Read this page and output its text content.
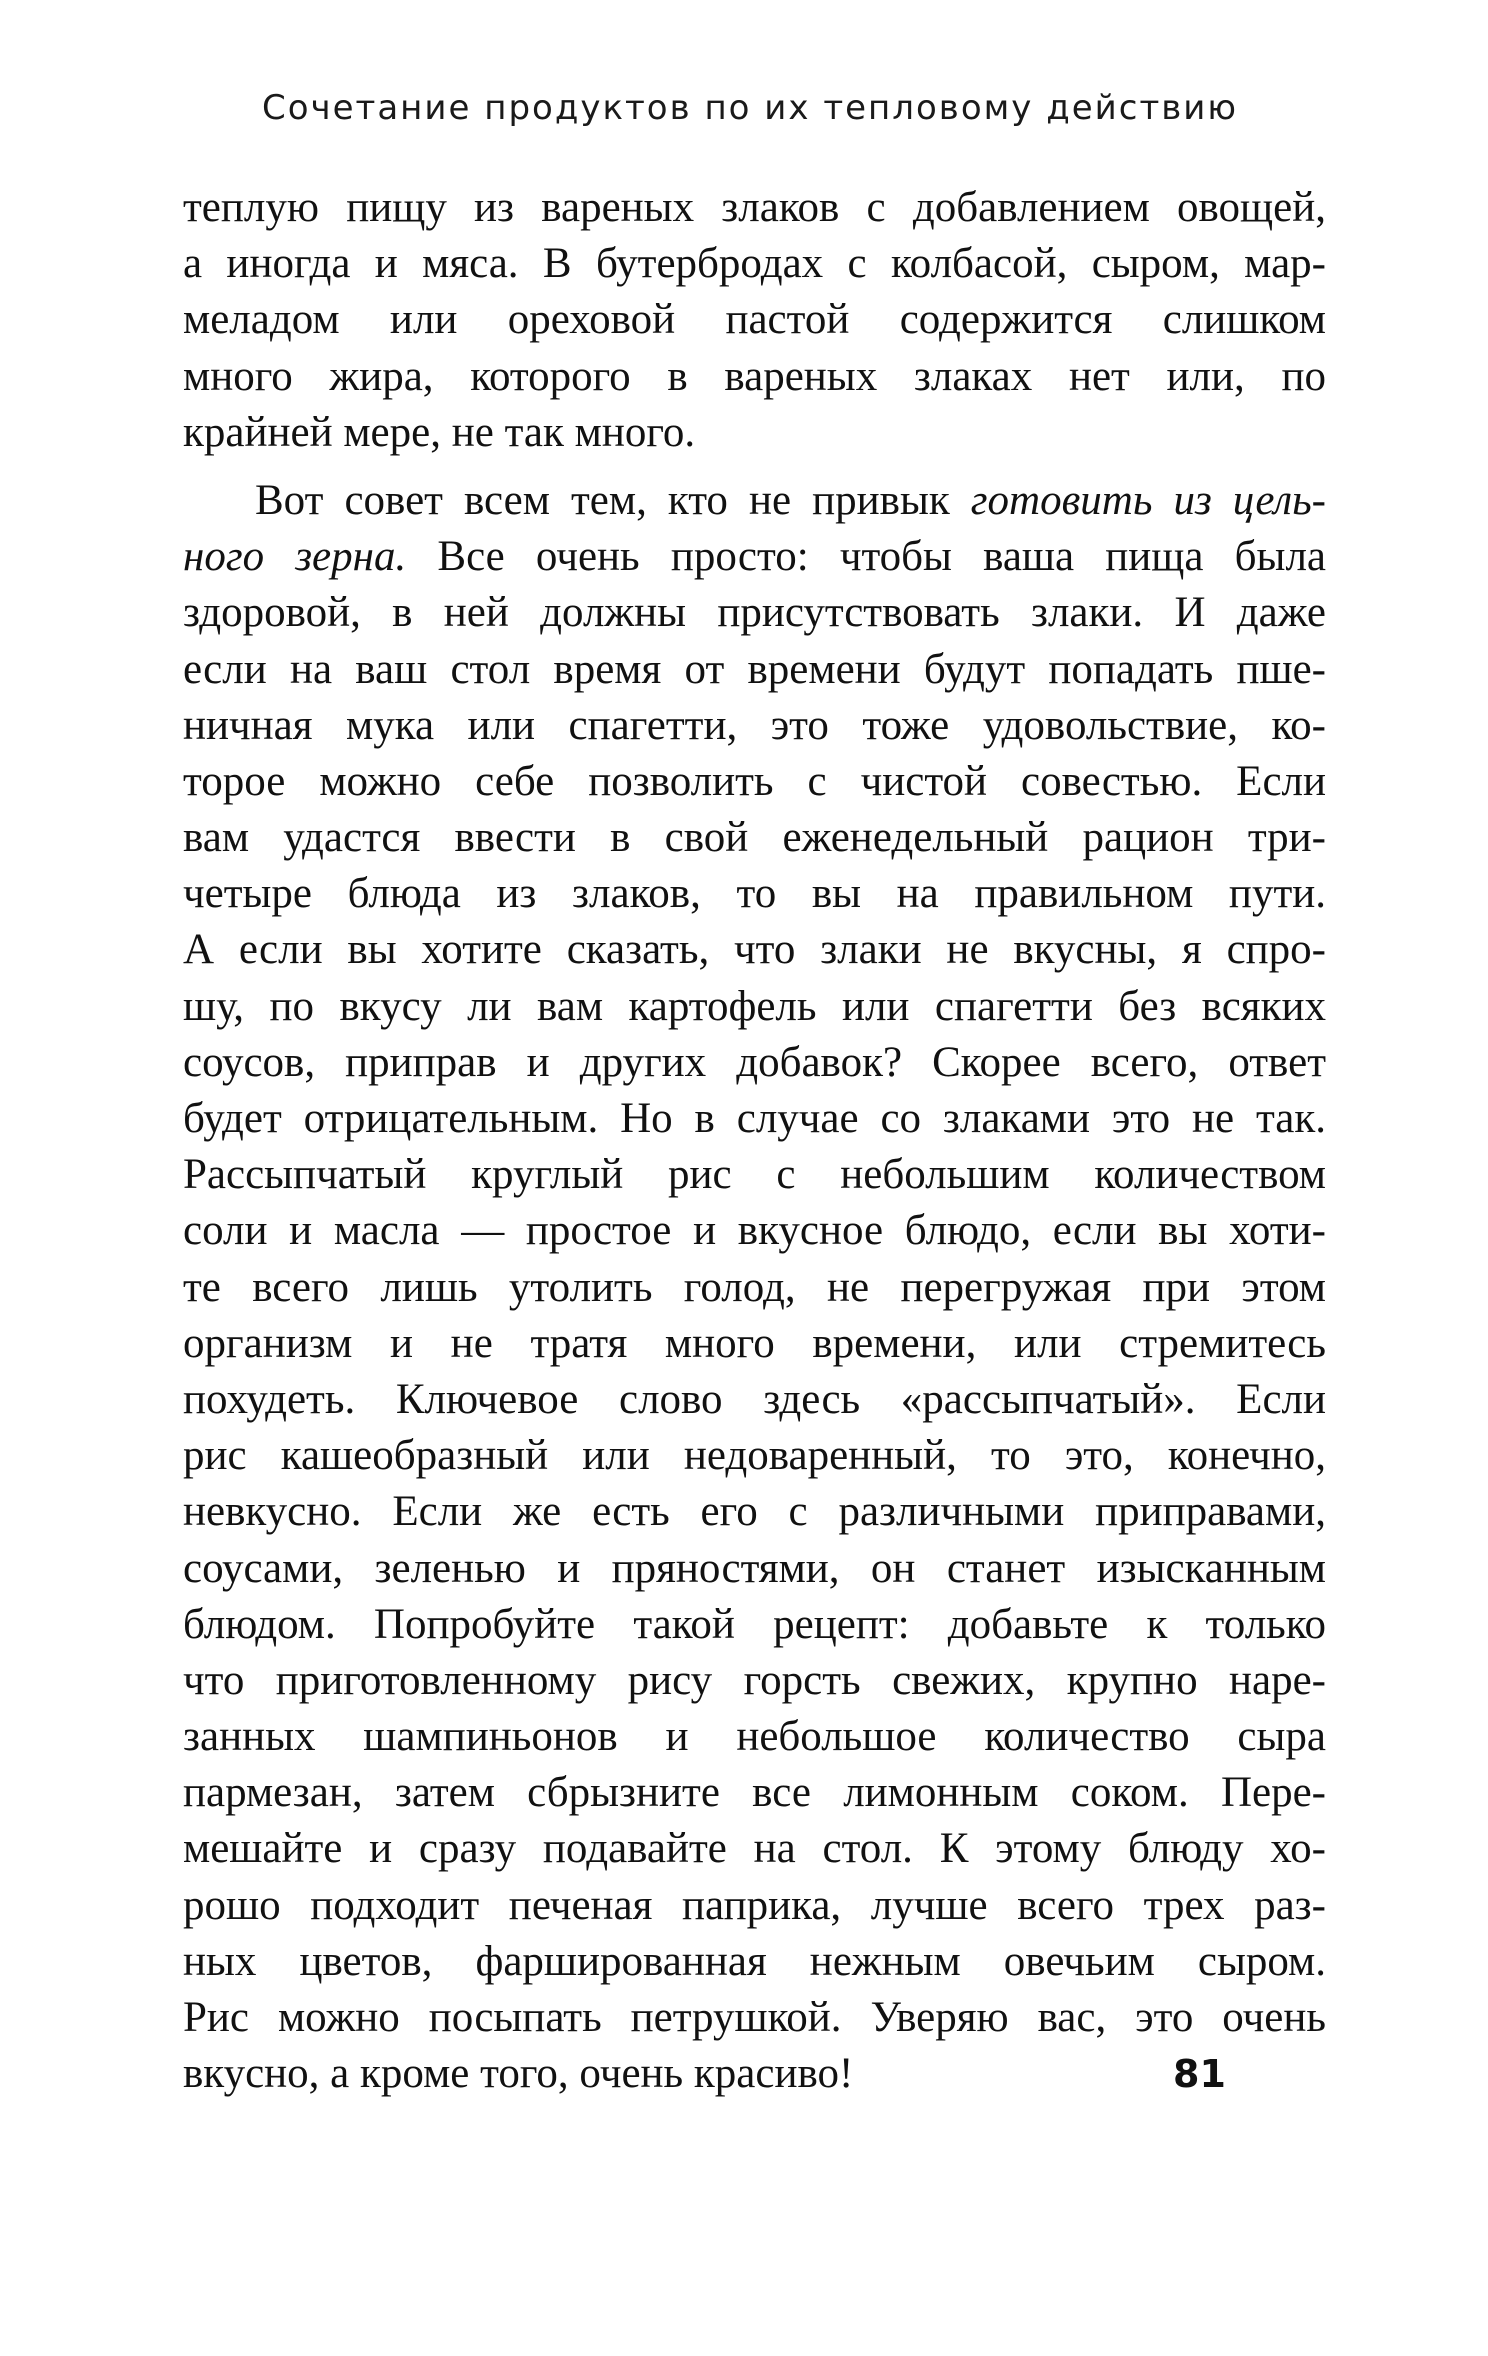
Сочетание продуктов по их тепловому действию
теплую пищу из вареных злаков с добавлением овощей,
а иногда и мяса. В бутербродах с колбасой, сыром, мар-
меладом или ореховой пастой содержится слишком
много жира, которого в вареных злаках нет или, по
крайней мере, не так много.
Вот совет всем тем, кто не привык готовить из цель-
ного зерна. Все очень просто: чтобы ваша пища была
здоровой, в ней должны присутствовать злаки. И даже
если на ваш стол время от времени будут попадать пше-
ничная мука или спагетти, это тоже удовольствие, ко-
торое можно себе позволить с чистой совестью. Если
вам удастся ввести в свой еженедельный рацион три-
четыре блюда из злаков, то вы на правильном пути.
А если вы хотите сказать, что злаки не вкусны, я спро-
шу, по вкусу ли вам картофель или спагетти без всяких
соусов, приправ и других добавок? Скорее всего, ответ
будет отрицательным. Но в случае со злаками это не так.
Рассыпчатый круглый рис с небольшим количеством
соли и масла — простое и вкусное блюдо, если вы хоти-
те всего лишь утолить голод, не перегружая при этом
организм и не тратя много времени, или стремитесь
похудеть. Ключевое слово здесь «рассыпчатый». Если
рис кашеобразный или недоваренный, то это, конечно,
невкусно. Если же есть его с различными приправами,
соусами, зеленью и пряностями, он станет изысканным
блюдом. Попробуйте такой рецепт: добавьте к только
что приготовленному рису горсть свежих, крупно наре-
занных шампиньонов и небольшое количество сыра
пармезан, затем сбрызните все лимонным соком. Пере-
мешайте и сразу подавайте на стол. К этому блюду хо-
рошо подходит печеная паприка, лучше всего трех раз-
ных цветов, фаршированная нежным овечьим сыром.
Рис можно посыпать петрушкой. Уверяю вас, это очень
вкусно, а кроме того, очень красиво!	81
